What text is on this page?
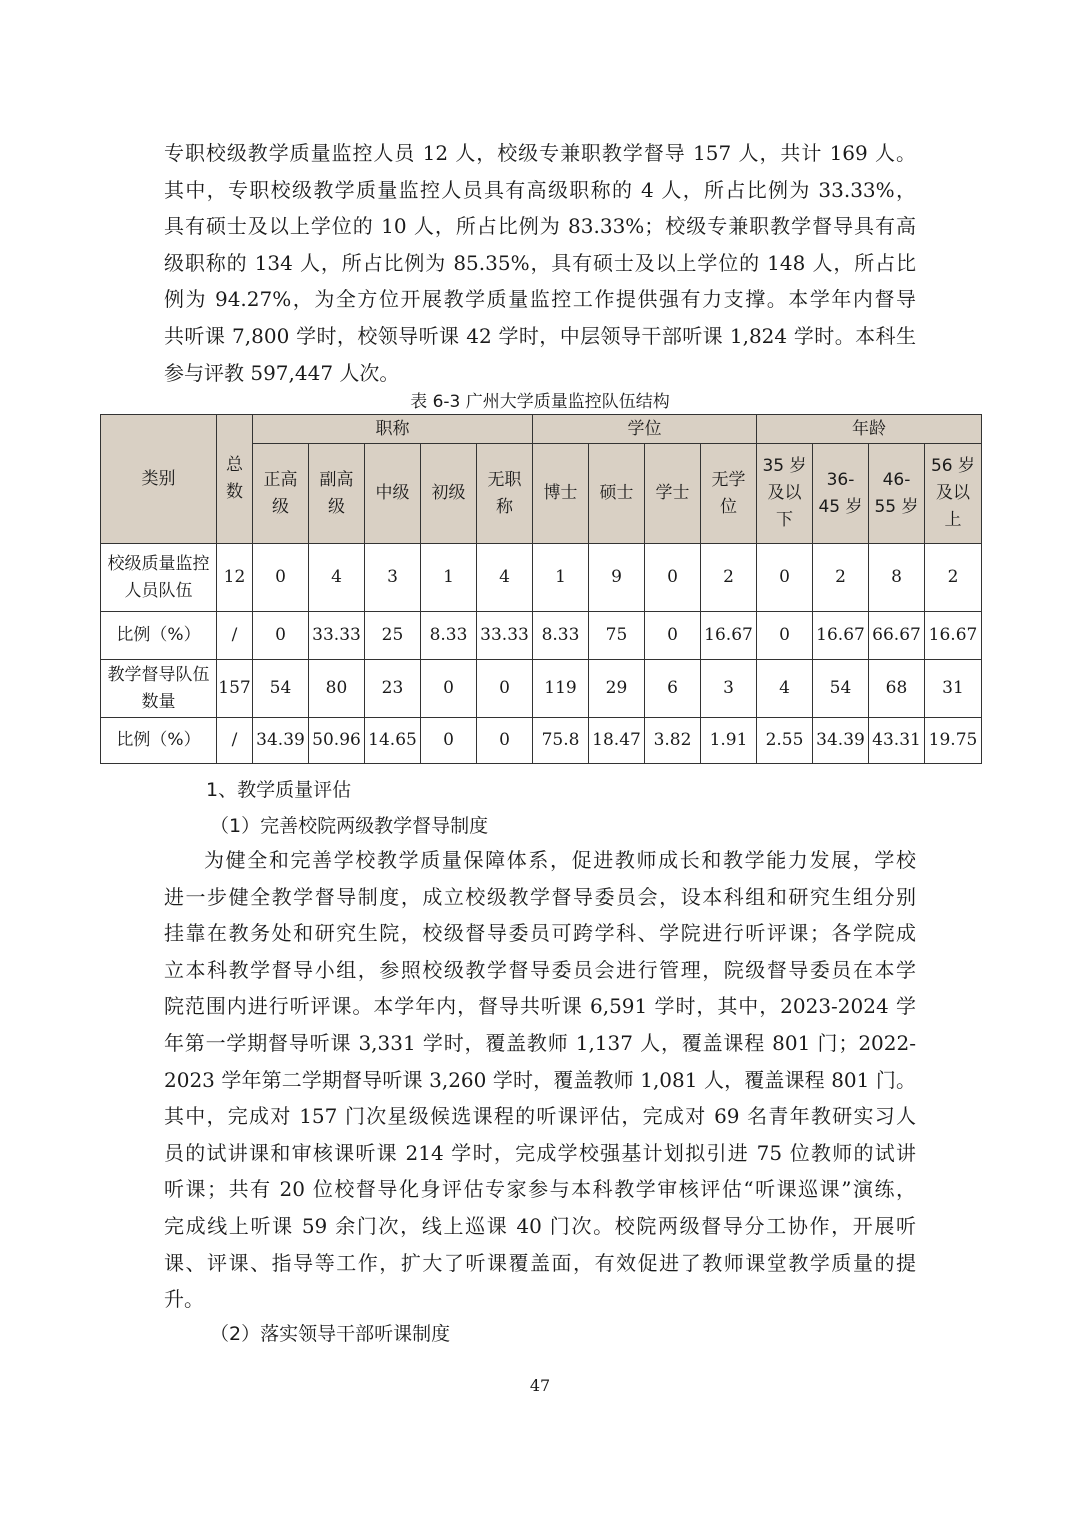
专职校级教学质量监控人员 12 人，校级专兼职教学督导 157 人，共计 169 人。
其中，专职校级教学质量监控人员具有高级职称的 4 人，所占比例为 33.33%，
具有硕士及以上学位的 10 人，所占比例为 83.33%；校级专兼职教学督导具有高
级职称的 134 人，所占比例为 85.35%，具有硕士及以上学位的 148 人，所占比
例为 94.27%，为全方位开展教学质量监控工作提供强有力支撑。本学年内督导
共听课 7,800 学时，校领导听课 42 学时，中层领导干部听课 1,824 学时。本科生
参与评教 597,447 人次。
表 6-3 广州大学质量监控队伍结构
类别	总数	职称					学位				年龄			
		正高级	副高级	中级	初级	无职称	博士	硕士	学士	无学位	35 岁及以下	36-45 岁	46-55 岁	56 岁及以上
校级质量监控人员队伍	12	0	4	3	1	4	1	9	0	2	0	2	8	2
比例（%）	/	0	33.33	25	8.33	33.33	8.33	75	0	16.67	0	16.67	66.67	16.67
教学督导队伍数量	157	54	80	23	0	0	119	29	6	3	4	54	68	31
比例（%）	/	34.39	50.96	14.65	0	0	75.8	18.47	3.82	1.91	2.55	34.39	43.31	19.75
1、教学质量评估
（1）完善校院两级教学督导制度
为健全和完善学校教学质量保障体系，促进教师成长和教学能力发展，学校
进一步健全教学督导制度，成立校级教学督导委员会，设本科组和研究生组分别
挂靠在教务处和研究生院，校级督导委员可跨学科、学院进行听评课；各学院成
立本科教学督导小组，参照校级教学督导委员会进行管理，院级督导委员在本学
院范围内进行听评课。本学年内，督导共听课 6,591 学时，其中，2023-2024 学
年第一学期督导听课 3,331 学时，覆盖教师 1,137 人，覆盖课程 801 门；2022-
2023 学年第二学期督导听课 3,260 学时，覆盖教师 1,081 人，覆盖课程 801 门。
其中，完成对 157 门次星级候选课程的听课评估，完成对 69 名青年教研实习人
员的试讲课和审核课听课 214 学时，完成学校强基计划拟引进 75 位教师的试讲
听课；共有 20 位校督导化身评估专家参与本科教学审核评估“听课巡课”演练，
完成线上听课 59 余门次，线上巡课 40 门次。校院两级督导分工协作，开展听
课、评课、指导等工作，扩大了听课覆盖面，有效促进了教师课堂教学质量的提
升。
（2）落实领导干部听课制度
47
